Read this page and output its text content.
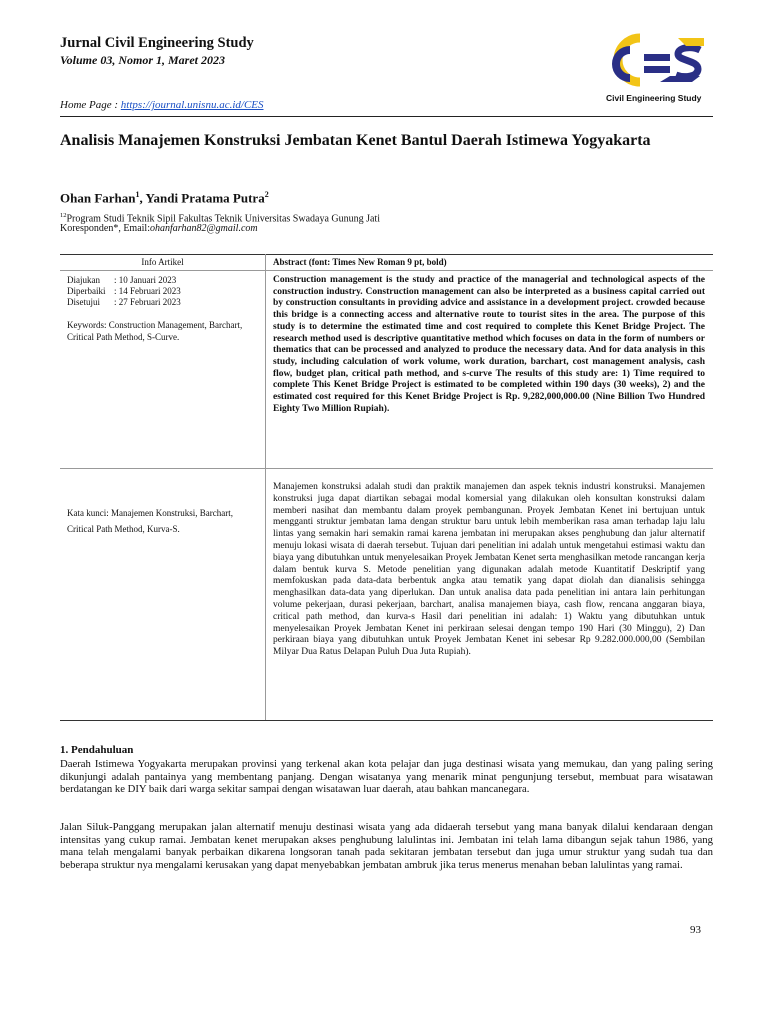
Jurnal Civil Engineering Study
Volume 03, Nomor 1, Maret 2023
Home Page : https://journal.unisnu.ac.id/CES
Civil Engineering Study
Analisis Manajemen Konstruksi Jembatan Kenet Bantul Daerah Istimewa Yogyakarta
Ohan Farhan$^1$, Yandi Pratama Putra$^2$
$^{12}$Program Studi Teknik Sipil Fakultas Teknik Universitas Swadaya Gunung Jati
Koresponden*, Email:ohanfarhan82@gmail.com
Info Artikel	Abstract (font: Times New Roman 9 pt, bold)
Diajukan : 10 Januari 2023
Diperbaiki : 14 Februari 2023
Disetujui : 27 Februari 2023
Keywords: Construction Management, Barchart, Critical Path Method, S-Curve.
Kata kunci: Manajemen Konstruksi, Barchart, Critical Path Method, Kurva-S.
Construction management is the study and practice of the managerial and technological aspects of the construction industry. Construction management can also be interpreted as a business capital carried out by construction consultants in providing advice and assistance in a development project. crowded because this bridge is a connecting access and alternative route to tourist sites in the area. The purpose of this study is to determine the estimated time and cost required to complete this Kenet Bridge Project. The research method used is descriptive quantitative method which focuses on data in the form of numbers or thematics that can be processed and analyzed to produce the necessary data. And for data analysis in this study, including calculation of work volume, work duration, barchart, cost management analysis, cash flow, budget plan, critical path method, and s-curve The results of this study are: 1) Time required to complete This Kenet Bridge Project is estimated to be completed within 190 days (30 weeks), 2) and the estimated cost required for this Kenet Bridge Project is Rp. 9,282,000,000.00 (Nine Billion Two Hundred Eighty Two Million Rupiah).
Manajemen konstruksi adalah studi dan praktik manajemen dan aspek teknis industri konstruksi. Manajemen konstruksi juga dapat diartikan sebagai modal komersial yang dilakukan oleh konsultan konstruksi dalam memberi nasihat dan membantu dalam proyek pembangunan. Proyek Jembatan Kenet ini bertujuan untuk mengganti struktur jembatan lama dengan struktur baru untuk lebih memberikan rasa aman terhadap laju lalu lintas yang semakin hari semakin ramai karena jembatan ini merupakan akses penghubung dan jalur alternatif menuju lokasi wisata di daerah tersebut. Tujuan dari penelitian ini adalah untuk mengetahui estimasi waktu dan biaya yang dibutuhkan untuk menyelesaikan Proyek Jembatan Kenet serta menghasilkan metode rancangan kerja dalam bentuk kurva S. Metode penelitian yang digunakan adalah metode Kuantitatif Deskriptif yang memfokuskan pada data-data berbentuk angka atau tematik yang dapat diolah dan dianalisis sehingga menghasilkan data-data yang diperlukan. Dan untuk analisa data pada penelitian ini antara lain perhitungan volume pekerjaan, durasi pekerjaan, barchart, analisa manajemen biaya, cash flow, rencana anggaran biaya, critical path method, dan kurva-s Hasil dari penelitian ini adalah: 1) Waktu yang dibutuhkan untuk menyelesaikan Proyek Jembatan Kenet ini perkiraan selesai dengan tempo 190 Hari (30 Minggu), 2) Dan perkiraan biaya yang dibutuhkan untuk Proyek Jembatan Kenet ini sebesar Rp 9.282.000.000,00 (Sembilan Milyar Dua Ratus Delapan Puluh Dua Juta Rupiah).
1. Pendahuluan
Daerah Istimewa Yogyakarta merupakan provinsi yang terkenal akan kota pelajar dan juga destinasi wisata yang memukau, dan yang paling sering dikunjungi adalah pantainya yang membentang panjang. Dengan wisatanya yang menarik minat pengunjung tersebut, membuat para wisatawan berdatangan ke DIY baik dari warga sekitar sampai dengan wisatawan luar daerah, atau bahkan mancanegara.
Jalan Siluk-Panggang merupakan jalan alternatif menuju destinasi wisata yang ada didaerah tersebut yang mana banyak dilalui kendaraan dengan intensitas yang cukup ramai. Jembatan kenet merupakan akses penghubung lalulintas ini. Jembatan ini telah lama dibangun sejak tahun 1986, yang mana telah mengalami banyak perbaikan dikarena longsoran tanah pada sekitaran jembatan tersebut dan juga umur struktur yang sudah tua dan beberapa struktur nya mengalami kerusakan yang dapat menyebabkan jembatan ambruk jika terus menerus menahan beban lalulintas yang ramai.
93
